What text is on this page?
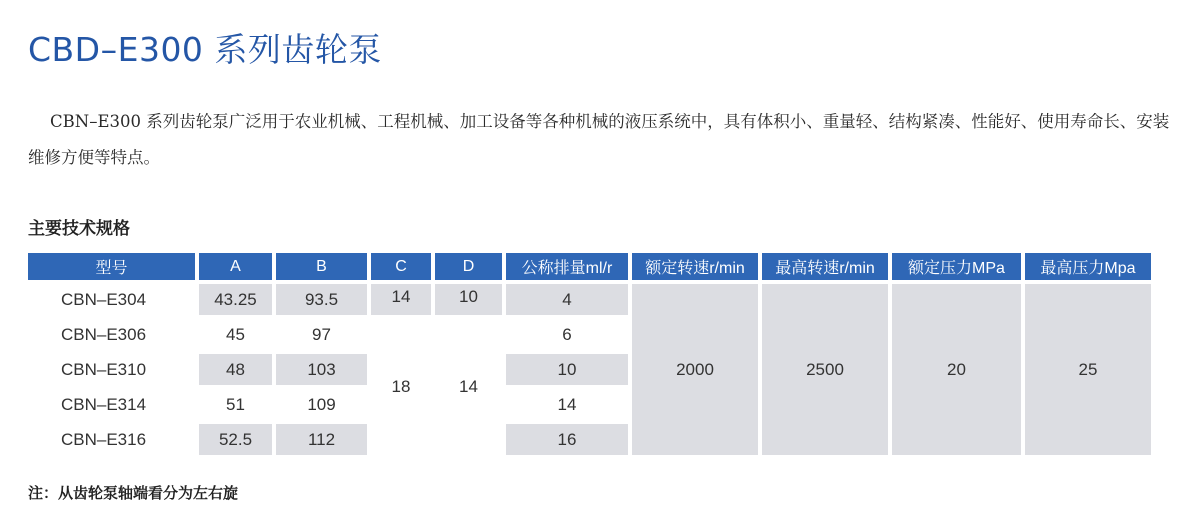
CBD–E300 系列齿轮泵
CBN–E300 系列齿轮泵广泛用于农业机械、工程机械、加工设备等各种机械的液压系统中，具有体积小、重量轻、结构紧凑、性能好、使用寿命长、安装维修方便等特点。
主要技术规格
型号	A	B	C	D	公称排量ml/r	额定转速r/min	最高转速r/min	额定压力MPa	最高压力Mpa
CBN–E304	43.25	93.5	14	10	4	2000	2500	20	25
CBN–E306	45	97	18	14	6				
CBN–E310	48	103			10				
CBN–E314	51	109			14				
CBN–E316	52.5	112			16				
注：从齿轮泵轴端看分为左右旋
